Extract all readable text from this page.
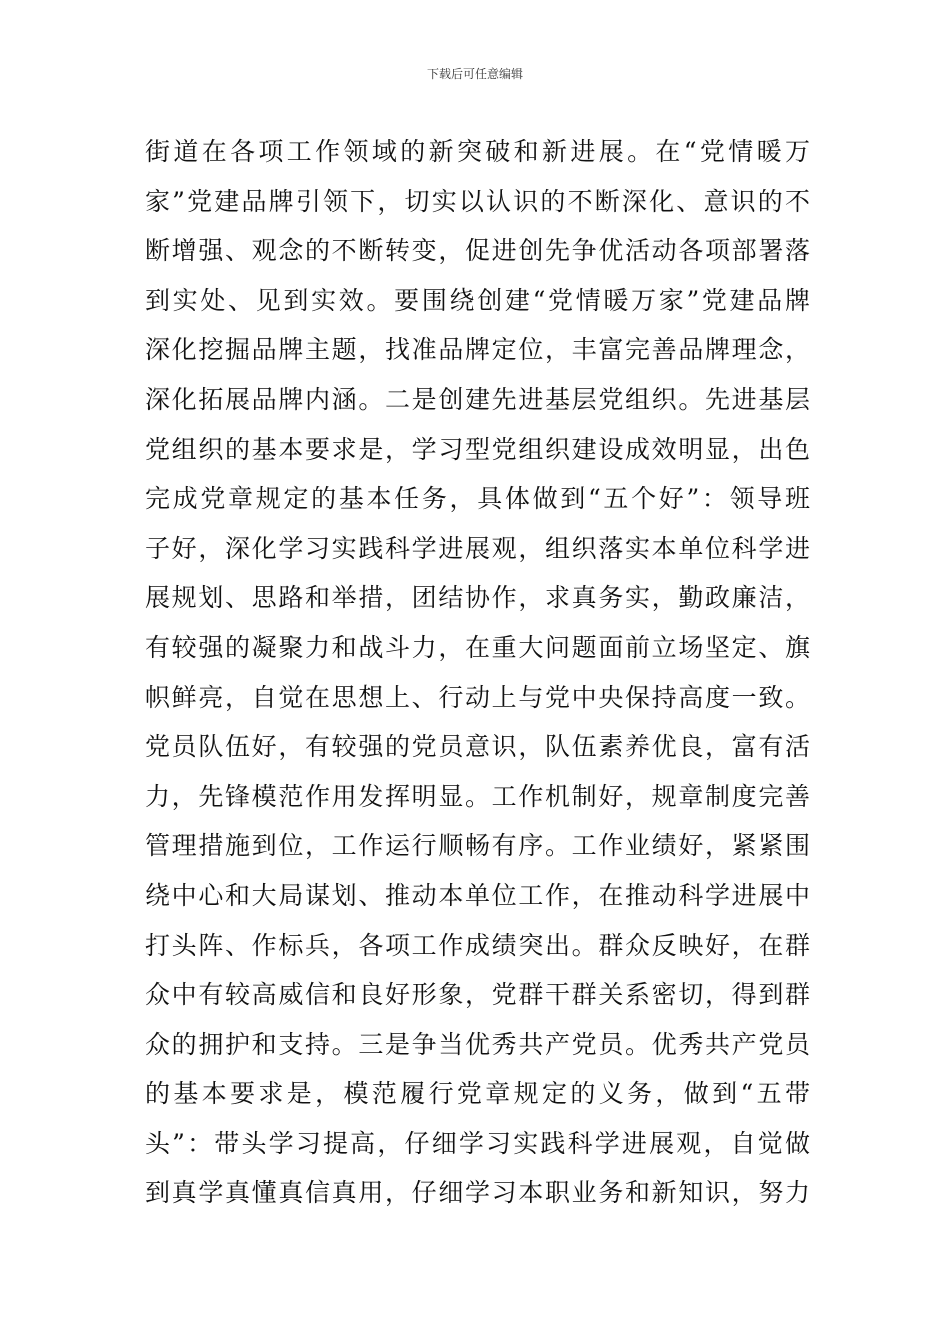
下载后可任意编辑
街道在各项工作领域的新突破和新进展。在“党情暖万
家”党建品牌引领下，切实以认识的不断深化、意识的不
断增强、观念的不断转变，促进创先争优活动各项部署落
到实处、见到实效。要围绕创建“党情暖万家”党建品牌
深化挖掘品牌主题，找准品牌定位，丰富完善品牌理念，
深化拓展品牌内涵。二是创建先进基层党组织。先进基层
党组织的基本要求是，学习型党组织建设成效明显，出色
完成党章规定的基本任务，具体做到“五个好”：领导班
子好，深化学习实践科学进展观，组织落实本单位科学进
展规划、思路和举措，团结协作，求真务实，勤政廉洁，
有较强的凝聚力和战斗力，在重大问题面前立场坚定、旗
帜鲜亮，自觉在思想上、行动上与党中央保持高度一致。
党员队伍好，有较强的党员意识，队伍素养优良，富有活
力，先锋模范作用发挥明显。工作机制好，规章制度完善
管理措施到位，工作运行顺畅有序。工作业绩好，紧紧围
绕中心和大局谋划、推动本单位工作，在推动科学进展中
打头阵、作标兵，各项工作成绩突出。群众反映好，在群
众中有较高威信和良好形象，党群干群关系密切，得到群
众的拥护和支持。三是争当优秀共产党员。优秀共产党员
的基本要求是，模范履行党章规定的义务，做到“五带
头”：带头学习提高，仔细学习实践科学进展观，自觉做
到真学真懂真信真用，仔细学习本职业务和新知识，努力
